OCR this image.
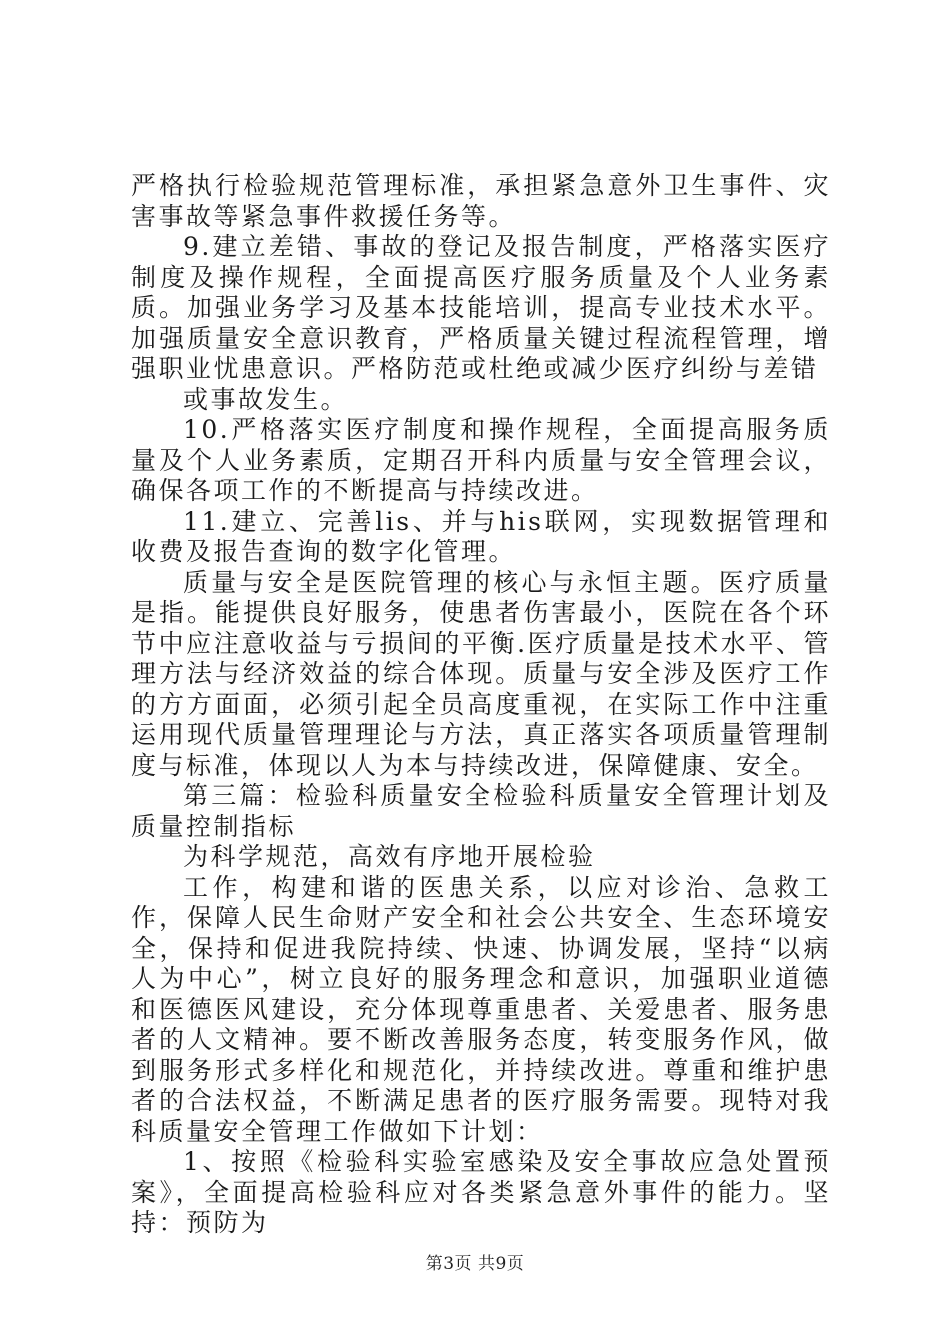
严格执行检验规范管理标准，承担紧急意外卫生事件、灾害事故等紧急事件救援任务等。

9.建立差错、事故的登记及报告制度，严格落实医疗制度及操作规程，全面提高医疗服务质量及个人业务素质。加强业务学习及基本技能培训，提高专业技术水平。加强质量安全意识教育，严格质量关键过程流程管理，增强职业忧患意识。严格防范或杜绝或减少医疗纠纷与差错

或事故发生。

10.严格落实医疗制度和操作规程，全面提高服务质量及个人业务素质，定期召开科内质量与安全管理会议，确保各项工作的不断提高与持续改进。

11.建立、完善lis、并与his联网，实现数据管理和收费及报告查询的数字化管理。

质量与安全是医院管理的核心与永恒主题。医疗质量是指。能提供良好服务，使患者伤害最小，医院在各个环节中应注意收益与亏损间的平衡.医疗质量是技术水平、管理方法与经济效益的综合体现。质量与安全涉及医疗工作的方方面面，必须引起全员高度重视，在实际工作中注重运用现代质量管理理论与方法，真正落实各项质量管理制度与标准，体现以人为本与持续改进，保障健康、安全。

第三篇：检验科质量安全检验科质量安全管理计划及质量控制指标

为科学规范，高效有序地开展检验

工作，构建和谐的医患关系，以应对诊治、急救工作，保障人民生命财产安全和社会公共安全、生态环境安全，保持和促进我院持续、快速、协调发展，坚持“以病人为中心”，树立良好的服务理念和意识，加强职业道德和医德医风建设，充分体现尊重患者、关爱患者、服务患者的人文精神。要不断改善服务态度，转变服务作风，做到服务形式多样化和规范化，并持续改进。尊重和维护患者的合法权益，不断满足患者的医疗服务需要。现特对我科质量安全管理工作做如下计划：

1、按照《检验科实验室感染及安全事故应急处置预案》，全面提高检验科应对各类紧急意外事件的能力。坚持：预防为

第3页 共9页
